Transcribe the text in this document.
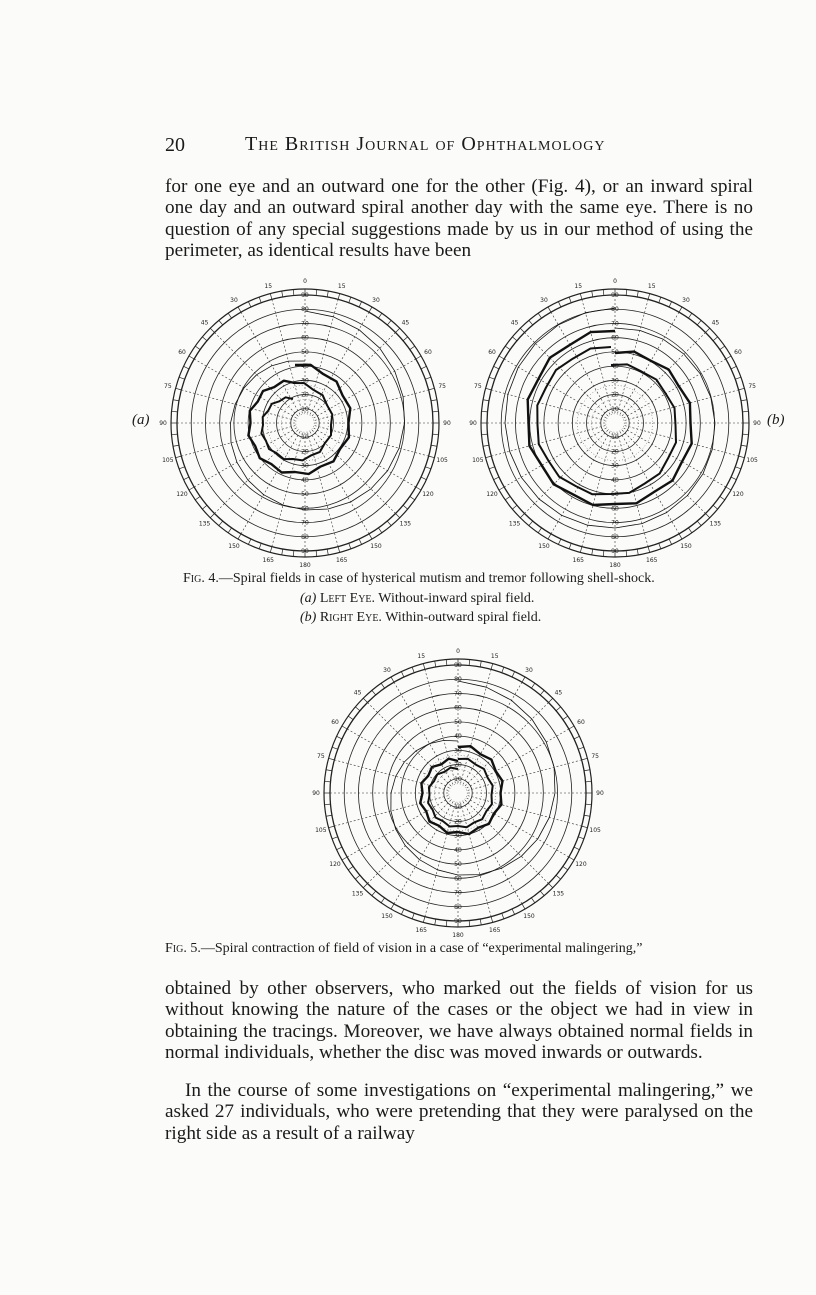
20	The British Journal of Ophthalmology

for one eye and an outward one for the other (Fig. 4), or an inward spiral one day and an outward spiral another day with the same eye. There is no question of any special suggestions made by us in our method of using the perimeter, as identical results have been

(a)	(b)
0
15
30
45
60
75
90
105
120
135
150
165
180
165
150
135
120
105
90
75
60
45
30
15
10
10
20
20
30
30
40
40
50
50
60
60
70
70
80
80
90
90
0
15
30
45
60
75
90
105
120
135
150
165
180
165
150
135
120
105
90
75
60
45
30
15
10
10
20
20
30
30
40
40
50
50
60
60
70
70
80
80
90
90
Fig. 4.—Spiral fields in case of hysterical mutism and tremor following shell-shock.
(a) Left Eye. Without-inward spiral field.
(b) Right Eye. Within-outward spiral field.
0
15
30
45
60
75
90
105
120
135
150
165
180
165
150
135
120
105
90
75
60
45
30
15
10
10
20
20
30
30
40
40
50
50
60
60
70
70
80
80
90
90
Fig. 5.—Spiral contraction of field of vision in a case of “experimental malingering,”

obtained by other observers, who marked out the fields of vision for us without knowing the nature of the cases or the object we had in view in obtaining the tracings. Moreover, we have always obtained normal fields in normal individuals, whether the disc was moved inwards or outwards.

In the course of some investigations on “experimental malingering,” we asked 27 individuals, who were pretending that they were paralysed on the right side as a result of a railway
